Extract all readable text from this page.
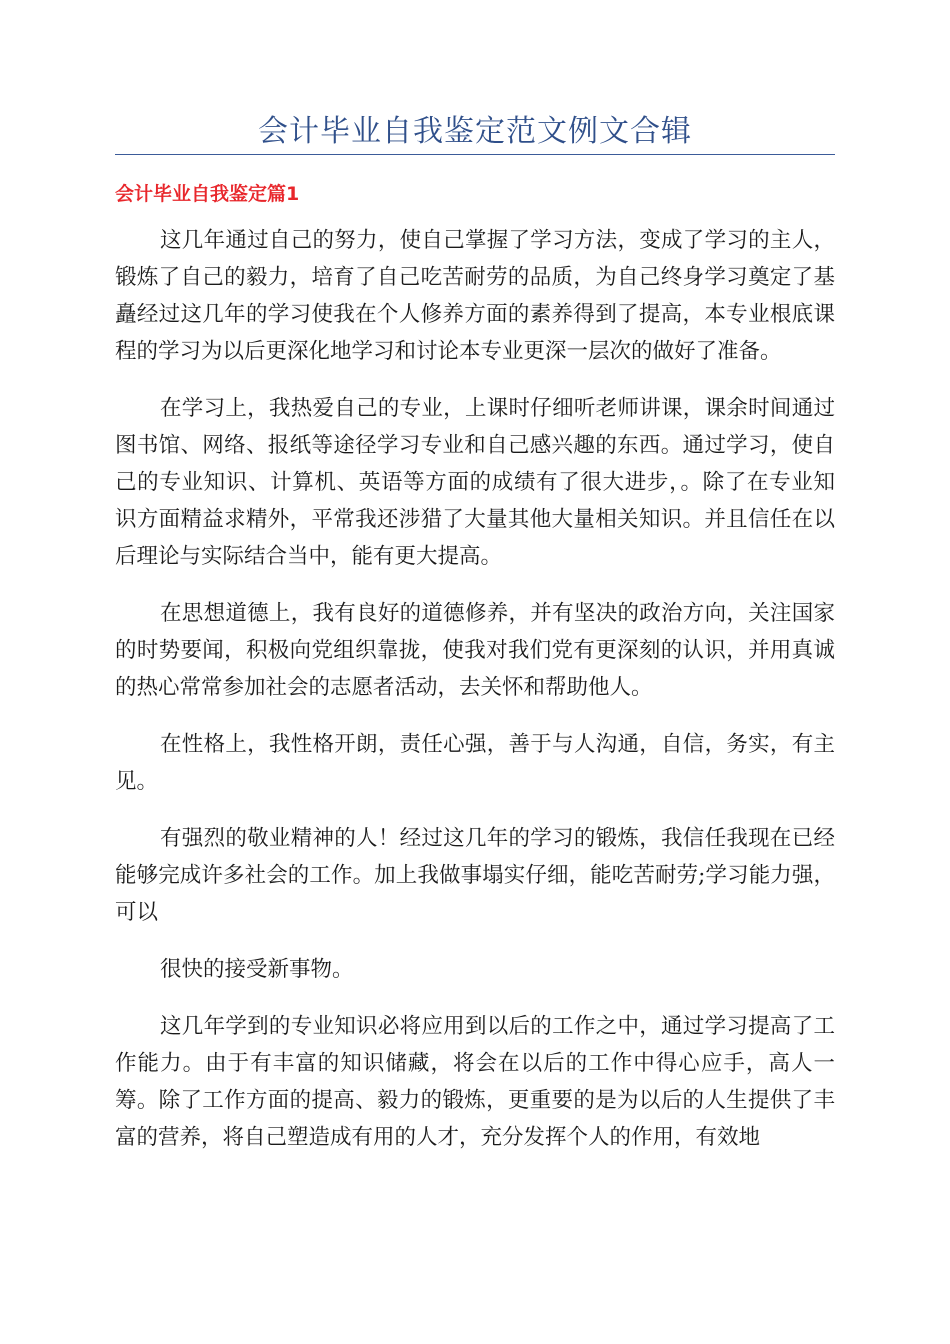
会计毕业自我鉴定范文例文合辑
会计毕业自我鉴定篇1

这几年通过自己的努力，使自己掌握了学习方法，变成了学习的主人，锻炼了自己的毅力，培育了自己吃苦耐劳的品质，为自己终身学习奠定了基矗经过这几年的学习使我在个人修养方面的素养得到了提高，本专业根底课程的学习为以后更深化地学习和讨论本专业更深一层次的做好了准备。

在学习上，我热爱自己的专业，上课时仔细听老师讲课，课余时间通过图书馆、网络、报纸等途径学习专业和自己感兴趣的东西。通过学习，使自己的专业知识、计算机、英语等方面的成绩有了很大进步，。除了在专业知识方面精益求精外，平常我还涉猎了大量其他大量相关知识。并且信任在以后理论与实际结合当中，能有更大提高。

在思想道德上，我有良好的道德修养，并有坚决的政治方向，关注国家的时势要闻，积极向党组织靠拢，使我对我们党有更深刻的认识，并用真诚的热心常常参加社会的志愿者活动，去关怀和帮助他人。

在性格上，我性格开朗，责任心强，善于与人沟通，自信，务实，有主见。

有强烈的敬业精神的人！经过这几年的学习的锻炼，我信任我现在已经能够完成许多社会的工作。加上我做事塌实仔细，能吃苦耐劳;学习能力强，可以

很快的接受新事物。

这几年学到的专业知识必将应用到以后的工作之中，通过学习提高了工作能力。由于有丰富的知识储藏，将会在以后的工作中得心应手，高人一筹。除了工作方面的提高、毅力的锻炼，更重要的是为以后的人生提供了丰富的营养，将自己塑造成有用的人才，充分发挥个人的作用，有效地
